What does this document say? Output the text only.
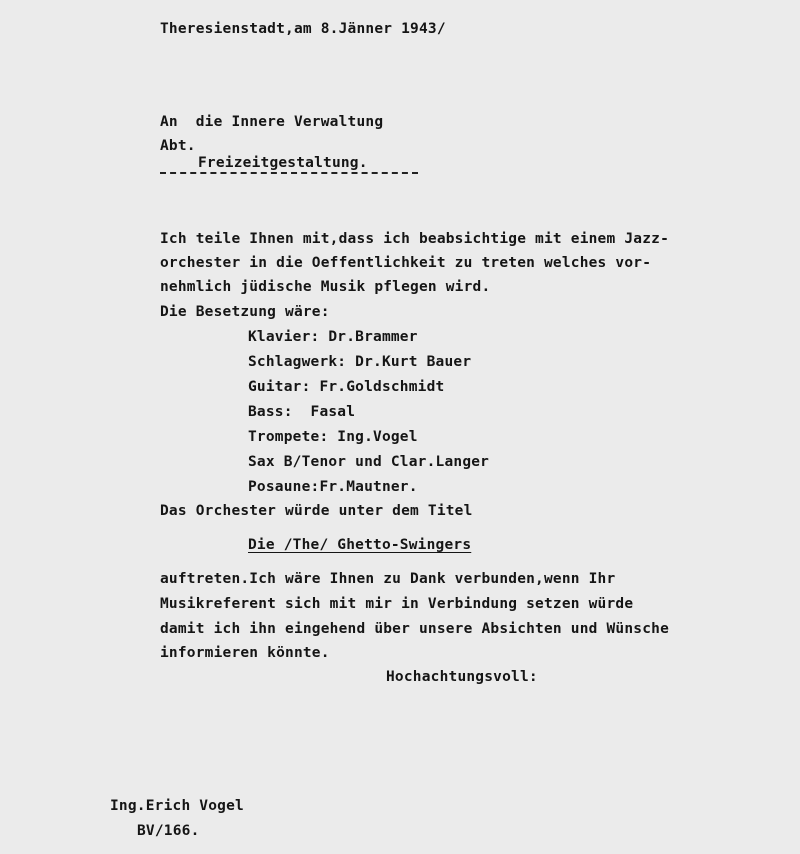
Theresienstadt,am 8.Jänner 1943/
An  die Innere Verwaltung
Abt.
Freizeitgestaltung.
Ich teile Ihnen mit,dass ich beabsichtige mit einem Jazz-
orchester in die Oeffentlichkeit zu treten welches vor-
nehmlich jüdische Musik pflegen wird.
Die Besetzung wäre:
Klavier: Dr.Brammer
Schlagwerk: Dr.Kurt Bauer
Guitar: Fr.Goldschmidt
Bass:  Fasal
Trompete: Ing.Vogel
Sax B/Tenor und Clar.Langer
Posaune:Fr.Mautner.
Das Orchester würde unter dem Titel
Die /The/ Ghetto-Swingers
auftreten.Ich wäre Ihnen zu Dank verbunden,wenn Ihr
Musikreferent sich mit mir in Verbindung setzen würde
damit ich ihn eingehend über unsere Absichten und Wünsche
informieren könnte.
Hochachtungsvoll:
Ing.Erich Vogel
BV/166.
